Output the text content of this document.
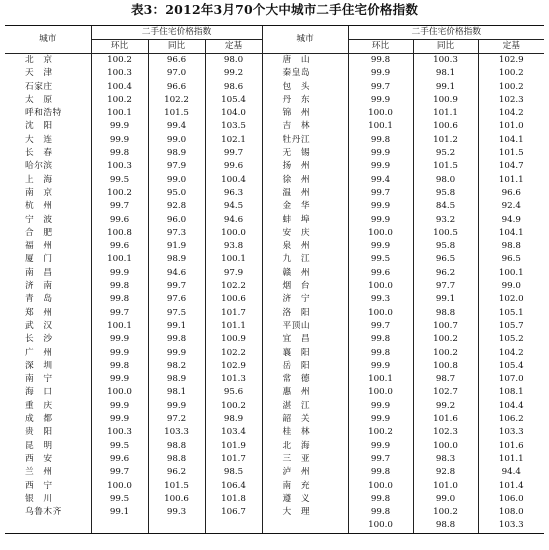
表3：2012年3月70个大中城市二手住宅价格指数
城市	二手住宅价格指数			城市	二手住宅价格指数		
	环比	同比	定基		环比	同比	定基
北　京	100.2	96.6	98.0	唐　山	99.8	100.3	102.9
天　津	100.3	97.0	99.2	秦皇岛	99.9	98.1	100.2
石家庄	100.4	96.6	98.6	包　头	99.7	99.1	100.2
太　原	100.2	102.2	105.4	丹　东	99.9	100.9	102.3
呼和浩特	100.1	101.5	104.0	锦　州	100.0	101.1	104.2
沈　阳	99.9	99.4	103.5	吉　林	100.1	100.6	101.0
大　连	99.9	99.0	102.1	牡丹江	99.8	101.2	104.1
长　春	99.8	98.9	99.7	无　锡	99.9	95.2	101.5
哈尔滨	100.3	97.9	99.6	扬　州	99.9	101.5	104.7
上　海	99.5	99.0	100.4	徐　州	99.4	98.0	101.1
南　京	100.2	95.0	96.3	温　州	99.7	95.8	96.6
杭　州	99.7	92.8	94.5	金　华	99.9	84.5	92.4
宁　波	99.6	96.0	94.6	蚌　埠	99.9	93.2	94.9
合　肥	100.8	97.3	100.0	安　庆	100.0	100.5	104.1
福　州	99.6	91.9	93.8	泉　州	99.9	95.8	98.8
厦　门	100.1	98.9	100.1	九　江	99.5	96.5	96.5
南　昌	99.9	94.6	97.9	赣　州	99.6	96.2	100.1
济　南	99.8	99.7	102.2	烟　台	100.0	97.7	99.0
青　岛	99.8	97.6	100.6	济　宁	99.3	99.1	102.0
郑　州	99.7	97.5	101.7	洛　阳	100.0	98.8	105.1
武　汉	100.1	99.1	101.1	平顶山	99.7	100.7	105.7
长　沙	99.9	99.8	100.9	宜　昌	99.8	100.2	105.2
广　州	99.9	99.9	102.2	襄　阳	99.8	100.2	104.2
深　圳	99.8	98.2	102.9	岳　阳	99.9	100.8	105.4
南　宁	99.9	98.9	101.3	常　德	100.1	98.7	107.0
海　口	100.0	98.1	95.6	惠　州	100.0	102.7	108.1
重　庆	99.9	99.9	100.2	湛　江	99.9	99.2	104.4
成　都	99.9	97.2	98.9	韶　关	99.9	101.6	106.2
贵　阳	100.3	103.3	103.4	桂　林	100.2	102.3	103.3
昆　明	99.5	98.8	101.9	北　海	99.9	100.0	101.6
西　安	99.6	98.8	101.7	三　亚	99.7	98.3	101.1
兰　州	99.7	96.2	98.5	泸　州	99.8	92.8	94.4
西　宁	100.0	101.5	106.4	南　充	100.0	101.0	101.4
银　川	99.5	100.6	101.8	遵　义	99.8	99.0	106.0
乌鲁木齐	99.1	99.3	106.7	大　理	99.8	100.2	108.0
					100.0	98.8	103.3
